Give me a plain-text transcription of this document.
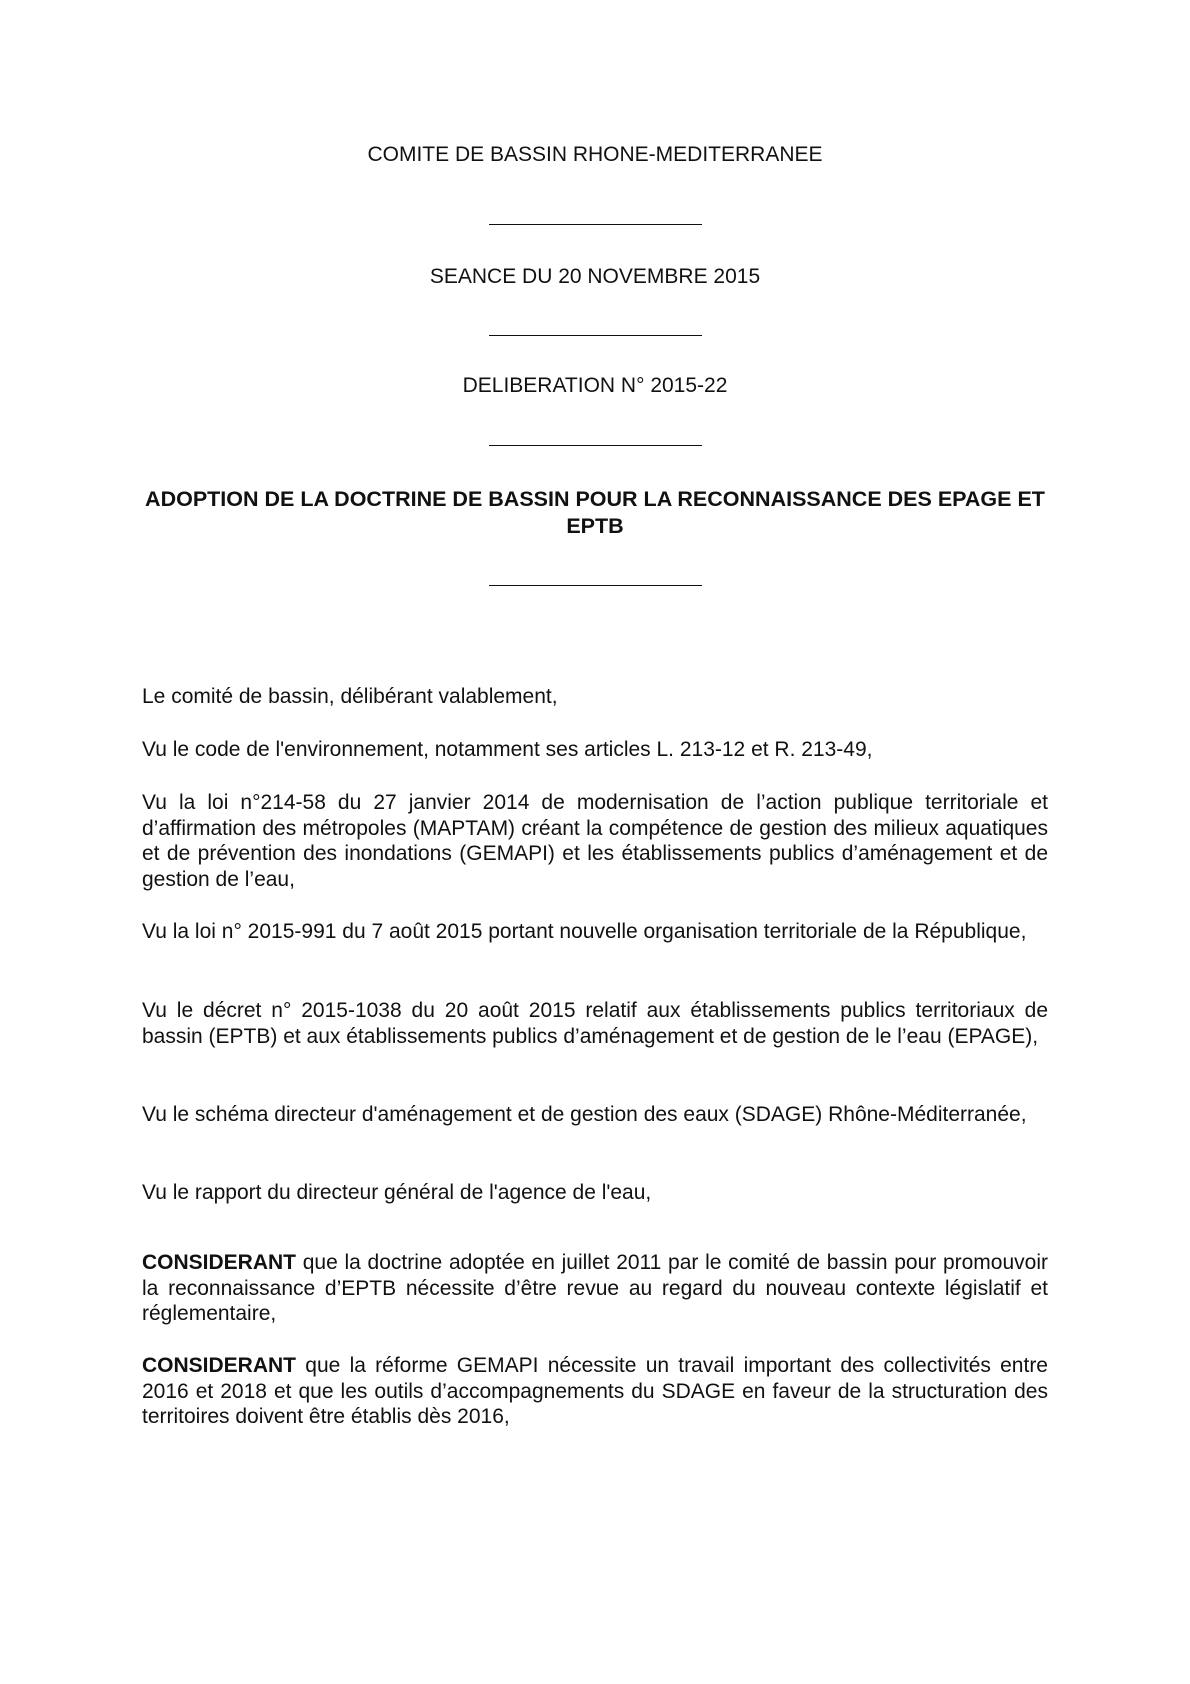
COMITE DE BASSIN RHONE-MEDITERRANEE
SEANCE DU 20 NOVEMBRE 2015
DELIBERATION N° 2015-22
ADOPTION DE LA DOCTRINE DE BASSIN POUR LA RECONNAISSANCE DES EPAGE ET EPTB
Le comité de bassin, délibérant valablement,
Vu le code de l'environnement, notamment ses articles L. 213-12 et R. 213-49,
Vu la loi n°214-58 du 27 janvier 2014 de modernisation de l’action publique territoriale et d’affirmation des métropoles (MAPTAM) créant la compétence de gestion des milieux aquatiques et de prévention des inondations (GEMAPI) et les établissements publics d’aménagement et de gestion de l’eau,
Vu la loi n° 2015-991 du 7 août 2015 portant nouvelle organisation territoriale de la République,
Vu le décret n° 2015-1038 du 20 août 2015 relatif aux établissements publics territoriaux de bassin (EPTB) et aux établissements publics d’aménagement et de gestion de le l’eau (EPAGE),
Vu le schéma directeur d'aménagement et de gestion des eaux (SDAGE) Rhône-Méditerranée,
Vu le rapport du directeur général de l'agence de l'eau,
CONSIDERANT que la doctrine adoptée en juillet 2011 par le comité de bassin pour promouvoir la reconnaissance d’EPTB nécessite d’être revue au regard du nouveau contexte législatif et réglementaire,
CONSIDERANT que la réforme GEMAPI nécessite un travail important des collectivités entre 2016 et 2018 et que les outils d’accompagnements du SDAGE en faveur de la structuration des territoires doivent être établis dès 2016,
